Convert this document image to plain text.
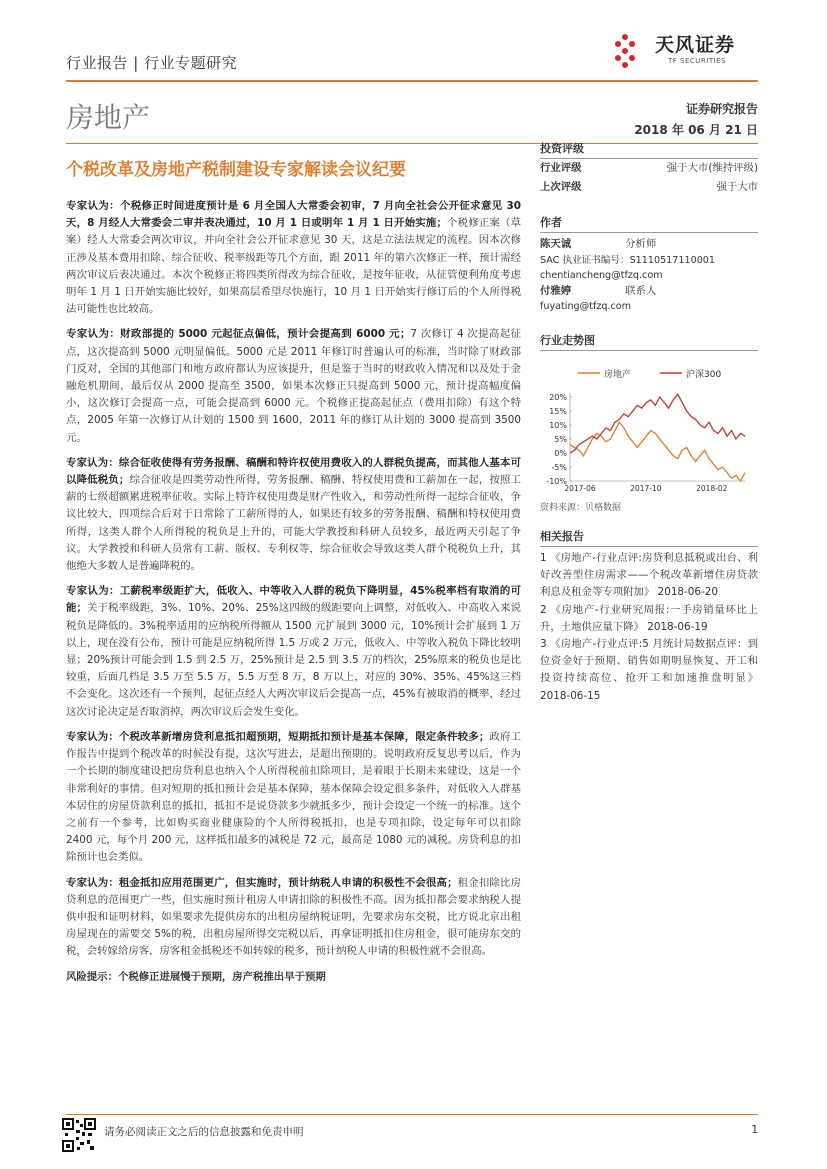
行业报告 | 行业专题研究
天风证券
TF SECURITIES
房地产	证券研究报告
2018 年 06 月 21 日
个税改革及房地产税制建设专家解读会议纪要

专家认为：个税修正时间进度预计是 6 月全国人大常委会初审，7 月向全社会公开征求意见 30 天，8 月经人大常委会二审并表决通过，10 月 1 日或明年 1 月 1 日开始实施；个税修正案（草案）经人大常委会两次审议，并向全社会公开征求意见 30 天，这是立法法规定的流程。因本次修正涉及基本费用扣除、综合征收、税率级距等几个方面，跟 2011 年的第六次修正一样，预计需经两次审议后表决通过。本次个税修正将四类所得改为综合征收，是按年征收，从征管便利角度考虑明年 1 月 1 日开始实施比较好，如果高层希望尽快施行，10 月 1 日开始实行修订后的个人所得税法可能性也比较高。

专家认为：财政部提的 5000 元起征点偏低，预计会提高到 6000 元；7 次修订 4 次提高起征点，这次提高到 5000 元明显偏低。5000 元是 2011 年修订时普遍认可的标准，当时除了财政部门反对，全国的其他部门和地方政府都认为应该提升，但是鉴于当时的财政收入情况和以及处于金融危机期间，最后仅从 2000 提高至 3500，如果本次修正只提高到 5000 元，预计提高幅度偏小，这次修订会提高一点，可能会提高到 6000 元。个税修正提高起征点（费用扣除）有这个特点，2005 年第一次修订从计划的 1500 到 1600，2011 年的修订从计划的 3000 提高到 3500 元。

专家认为：综合征收使得有劳务报酬、稿酬和特许权使用费收入的人群税负提高，而其他人基本可以降低税负；综合征收是四类劳动性所得，劳务报酬、稿酬、特权使用费和工薪加在一起，按照工薪的七级超额累进税率征收。实际上特许权使用费是财产性收入，和劳动性所得一起综合征收，争议比较大，四项综合后对于日常除了工薪所得的人，如果还有较多的劳务报酬、稿酬和特权使用费所得，这类人群个人所得税的税负是上升的，可能大学教授和科研人员较多，最近两天引起了争议。大学教授和科研人员常有工薪、版权、专利权等，综合征收会导致这类人群个税税负上升，其他绝大多数人是普遍降税的。

专家认为：工薪税率级距扩大，低收入、中等收入人群的税负下降明显，45%税率档有取消的可能；关于税率级距，3%、10%、20%、25%这四级的级距要向上调整，对低收入、中高收入来说税负是降低的。3%税率适用的应纳税所得额从 1500 元扩展到 3000 元，10%预计会扩展到 1 万以上，现在没有公布，预计可能是应纳税所得 1.5 万或 2 万元，低收入、中等收入税负下降比较明显；20%预计可能会到 1.5 到 2.5 万，25%预计是 2.5 到 3.5 万的档次，25%原来的税负也是比较重，后面几档是 3.5 万至 5.5 万，5.5 万至 8 万，8 万以上，对应的 30%、35%、45%这三档不会变化。这次还有一个预判，起征点经人大两次审议后会提高一点，45%有被取消的概率，经过这次讨论决定是否取消掉，两次审议后会发生变化。

专家认为：个税改革新增房贷利息抵扣超预期，短期抵扣预计是基本保障，限定条件较多；政府工作报告中提到个税改革的时候没有提，这次写进去，是超出预期的。说明政府反复思考以后，作为一个长期的制度建设把房贷利息也纳入个人所得税前扣除项目，是着眼于长期未来建设，这是一个非常利好的事情。但对短期的抵扣预计会是基本保障，基本保障会设定很多条件，对低收入人群基本居住的房屋贷款利息的抵扣，抵扣不是说贷款多少就抵多少，预计会设定一个统一的标准。这个之前有一个参考，比如购买商业健康险的个人所得税抵扣，也是专项扣除，设定每年可以扣除 2400 元，每个月 200 元，这样抵扣最多的减税是 72 元，最高是 1080 元的减税。房贷利息的扣除预计也会类似。

专家认为：租金抵扣应用范围更广，但实施时，预计纳税人申请的积极性不会很高；租金扣除比房贷利息的范围更广一些，但实施时预计租房人申请扣除的积极性不高。因为抵扣都会要求纳税人提供申报和证明材料，如果要求先提供房东的出租房屋纳税证明，先要求房东交税，比方说北京出租房屋现在的需要交 5%的税，出租房屋所得交完税以后，再拿证明抵扣住房租金，很可能房东交的税，会转嫁给房客，房客租金抵税还不如转嫁的税多，预计纳税人申请的积极性就不会很高。

风险提示：个税修正进展慢于预期，房产税推出早于预期

投资评级
行业评级	强于大市(维持评级)
上次评级	强于大市
作者
陈天诚	分析师
SAC 执业证书编号：S1110517110001
chentiancheng@tfzq.com
付雅婷	联系人
fuyating@tfzq.com
行业走势图
房地产	沪深300
20%
15%
10%
5%
0%
-5%
-10%
2017-06	2017-10	2018-02
资料来源：贝格数据
相关报告
1 《房地产-行业点评:房贷利息抵税或出台、利好改善型住房需求——个税改革新增住房贷款利息及租金等专项附加》 2018-06-20
2 《房地产-行业研究周报:一手房销量环比上升，土地供应量下降》 2018-06-19
3 《房地产-行业点评:5 月统计局数据点评：到位资金好于预期、销售如期明显恢复、开工和投资持续高位、抢开工和加速推盘明显》 2018-06-15
请务必阅读正文之后的信息披露和免责申明	1
